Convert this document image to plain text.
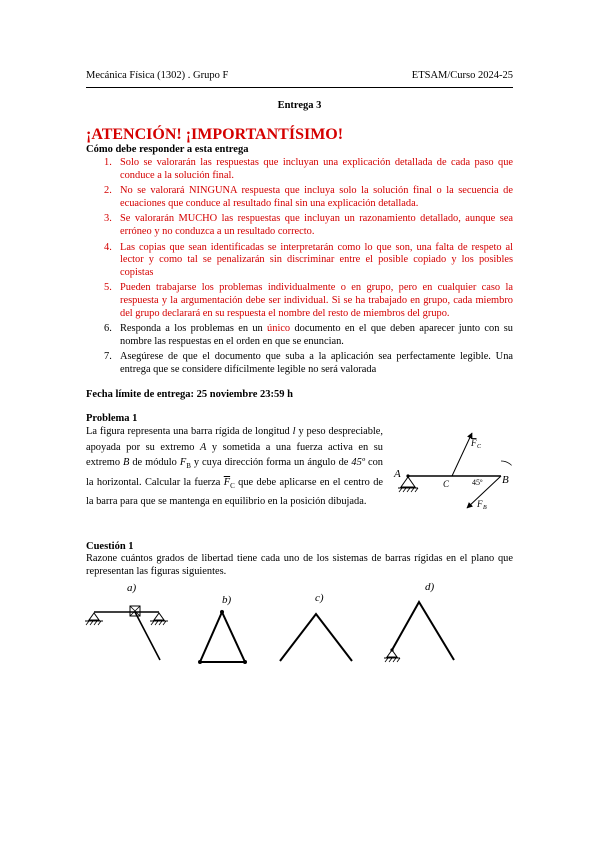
Mecánica Física (1302) . Grupo F	ETSAM/Curso 2024-25
Entrega 3
¡ATENCIÓN! ¡IMPORTANTÍSIMO!
Cómo debe responder a esta entrega
1. Solo se valorarán las respuestas que incluyan una explicación detallada de cada paso que conduce a la solución final.
2. No se valorará NINGUNA respuesta que incluya solo la solución final o la secuencia de ecuaciones que conduce al resultado final sin una explicación detallada.
3. Se valorarán MUCHO las respuestas que incluyan un razonamiento detallado, aunque sea erróneo y no conduzca a un resultado correcto.
4. Las copias que sean identificadas se interpretarán como lo que son, una falta de respeto al lector y como tal se penalizarán sin discriminar entre el posible copiado y los posibles copistas
5. Pueden trabajarse los problemas individualmente o en grupo, pero en cualquier caso la respuesta y la argumentación debe ser individual. Si se ha trabajado en grupo, cada miembro del grupo declarará en su respuesta el nombre del resto de miembros del grupo.
6. Responda a los problemas en un único documento en el que deben aparecer junto con su nombre las respuestas en el orden en que se enuncian.
7. Asegúrese de que el documento que suba a la aplicación sea perfectamente legible. Una entrega que se considere difícilmente legible no será valorada
Fecha límite de entrega: 25 noviembre 23:59 h
Problema 1
La figura representa una barra rígida de longitud l y peso despreciable, apoyada por su extremo A y sometida a una fuerza activa en su extremo B de módulo $F_B$ y cuya dirección forma un ángulo de 45º con la horizontal. Calcular la fuerza $\overline{F}_C$ que debe aplicarse en el centro de la barra para que se mantenga en equilibrio en la posición dibujada.
A	B
C	45º
F C
F B
Cuestión 1
Razone cuántos grados de libertad tiene cada uno de los sistemas de barras rígidas en el plano que representan las figuras siguientes.
a)
b)	c)
d)
